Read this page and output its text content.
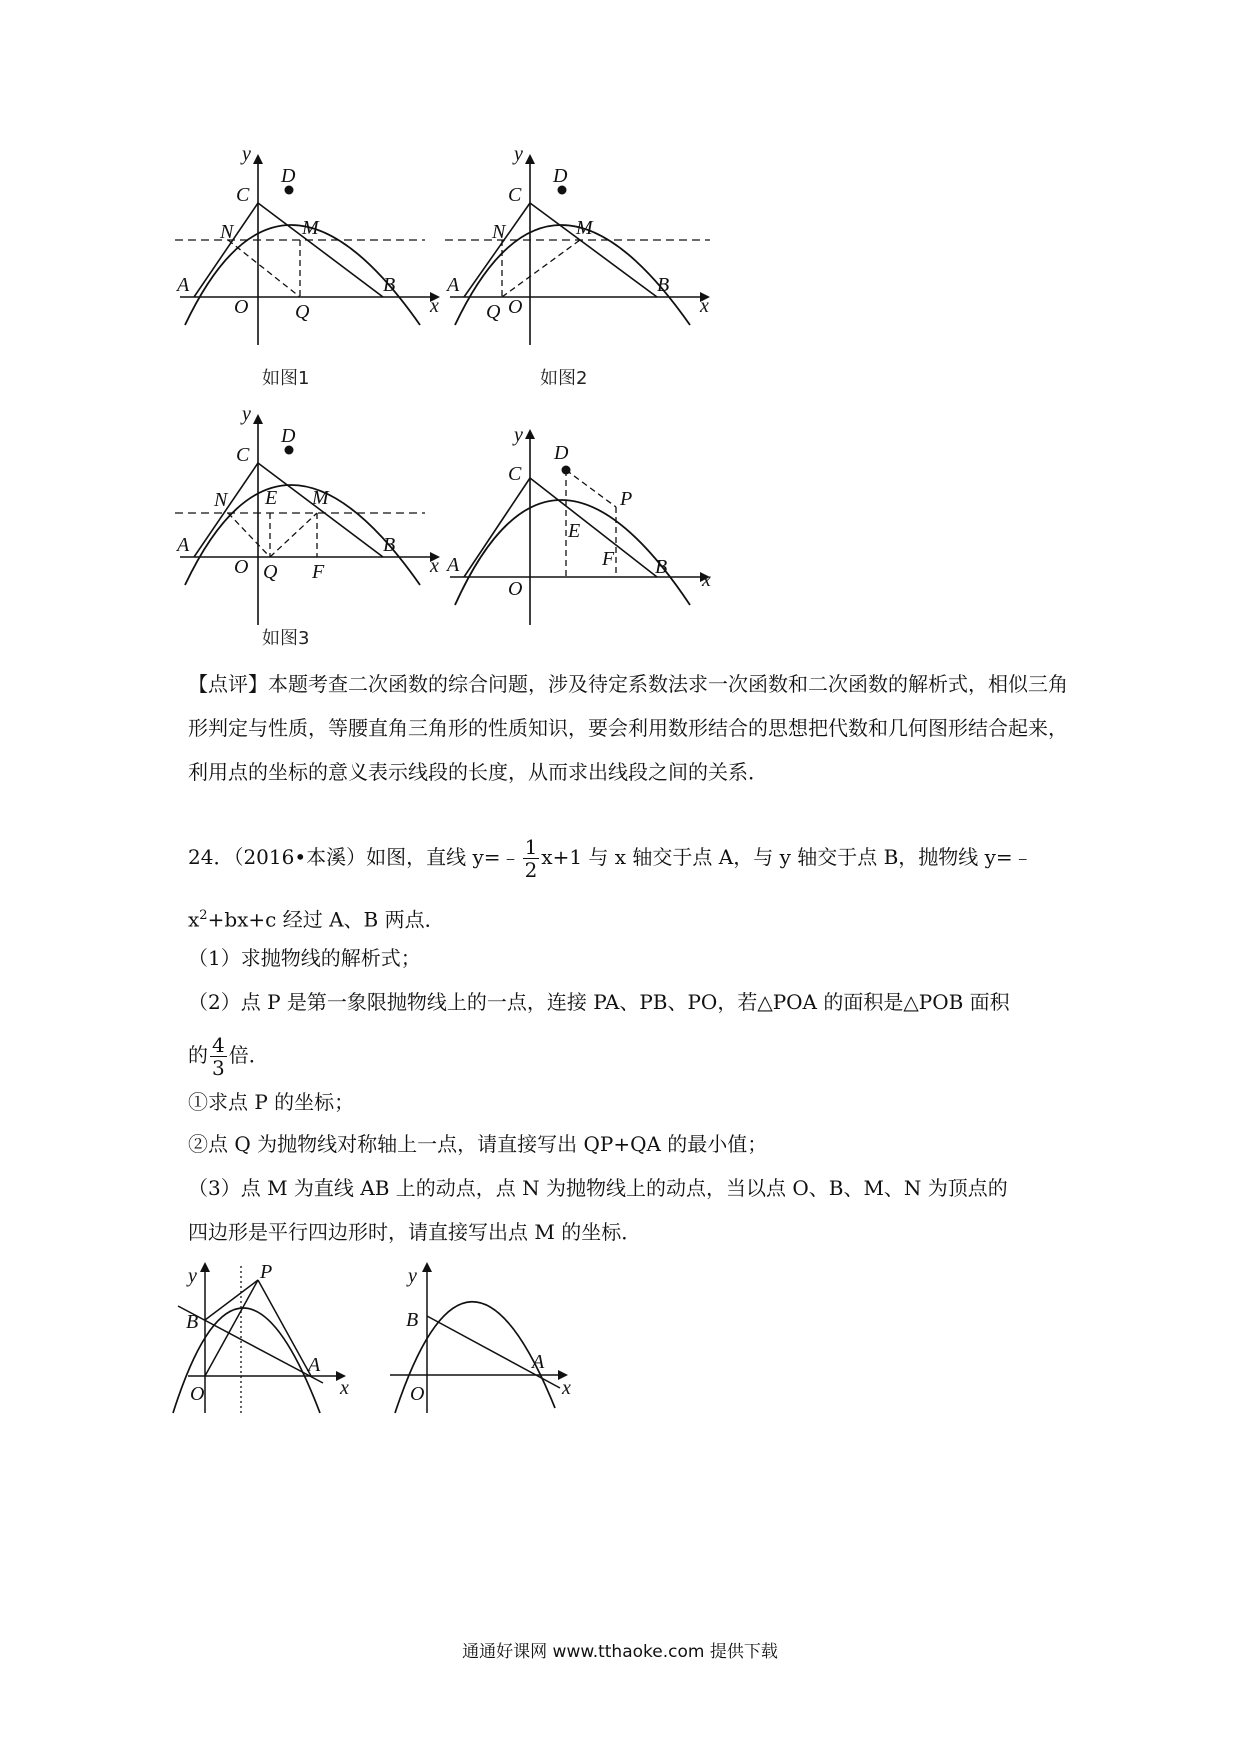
y
x
O
A	B
C
D
M
N
Q
如图1
y
x
O
A	B
C
D
M
N
Q
如图2
y
x
O
A	B
C
D
M
N E
Q F
如图3
y
x
O
A	B
C
D
P
E
F
【点评】本题考查二次函数的综合问题，涉及待定系数法求一次函数和二次函数的解析式，相似三角形判定与性质，等腰直角三角形的性质知识，要会利用数形结合的思想把代数和几何图形结合起来，利用点的坐标的意义表示线段的长度，从而求出线段之间的关系．
24．（2016•本溪）如图，直线 y=﹣ $\frac{1}{2} x+1$ 与 x 轴交于点 A，与 y 轴交于点 B，抛物线 y=﹣
$x^2+bx+c$ 经过 A、B 两点．
（1）求抛物线的解析式；
（2）点 P 是第一象限抛物线上的一点，连接 PA、PB、PO，若△POA 的面积是△POB 面积
的 $\frac{4}{3}$ 倍．
①求点 P 的坐标；
②点 Q 为抛物线对称轴上一点，请直接写出 QP+QA 的最小值；
（3）点 M 为直线 AB 上的动点，点 N 为抛物线上的动点，当以点 O、B、M、N 为顶点的
四边形是平行四边形时，请直接写出点 M 的坐标．
y
x
O
B
A
P	y
x
O
B
A
通通好课网 www.tthaoke.com 提供下载
